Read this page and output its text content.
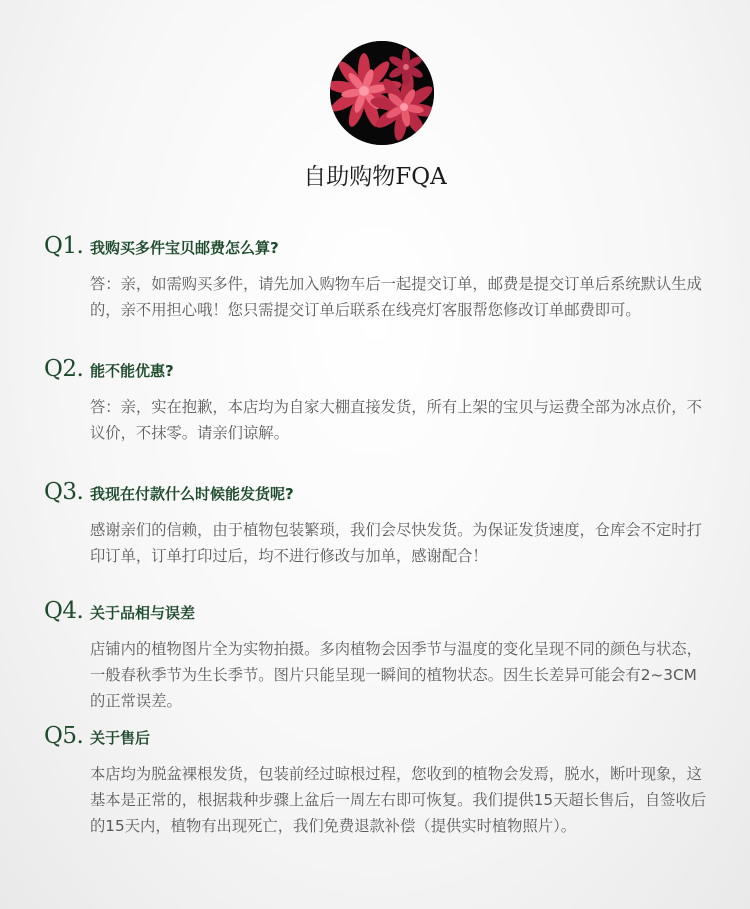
自助购物FQA
Q1. 我购买多件宝贝邮费怎么算?
答：亲，如需购买多件，请先加入购物车后一起提交订单，邮费是提交订单后系统默认生成的，亲不用担心哦！您只需提交订单后联系在线亮灯客服帮您修改订单邮费即可。
Q2. 能不能优惠?
答：亲，实在抱歉，本店均为自家大棚直接发货，所有上架的宝贝与运费全部为冰点价，不议价，不抹零。请亲们谅解。
Q3. 我现在付款什么时候能发货呢?
感谢亲们的信赖，由于植物包装繁琐，我们会尽快发货。为保证发货速度，仓库会不定时打印订单，订单打印过后，均不进行修改与加单，感谢配合！
Q4. 关于品相与误差
店铺内的植物图片全为实物拍摄。多肉植物会因季节与温度的变化呈现不同的颜色与状态，一般春秋季节为生长季节。图片只能呈现一瞬间的植物状态。因生长差异可能会有2~3CM的正常误差。
Q5. 关于售后
本店均为脱盆裸根发货，包装前经过晾根过程，您收到的植物会发焉，脱水，断叶现象，这基本是正常的，根据栽种步骤上盆后一周左右即可恢复。我们提供15天超长售后，自签收后的15天内，植物有出现死亡，我们免费退款补偿（提供实时植物照片）。
